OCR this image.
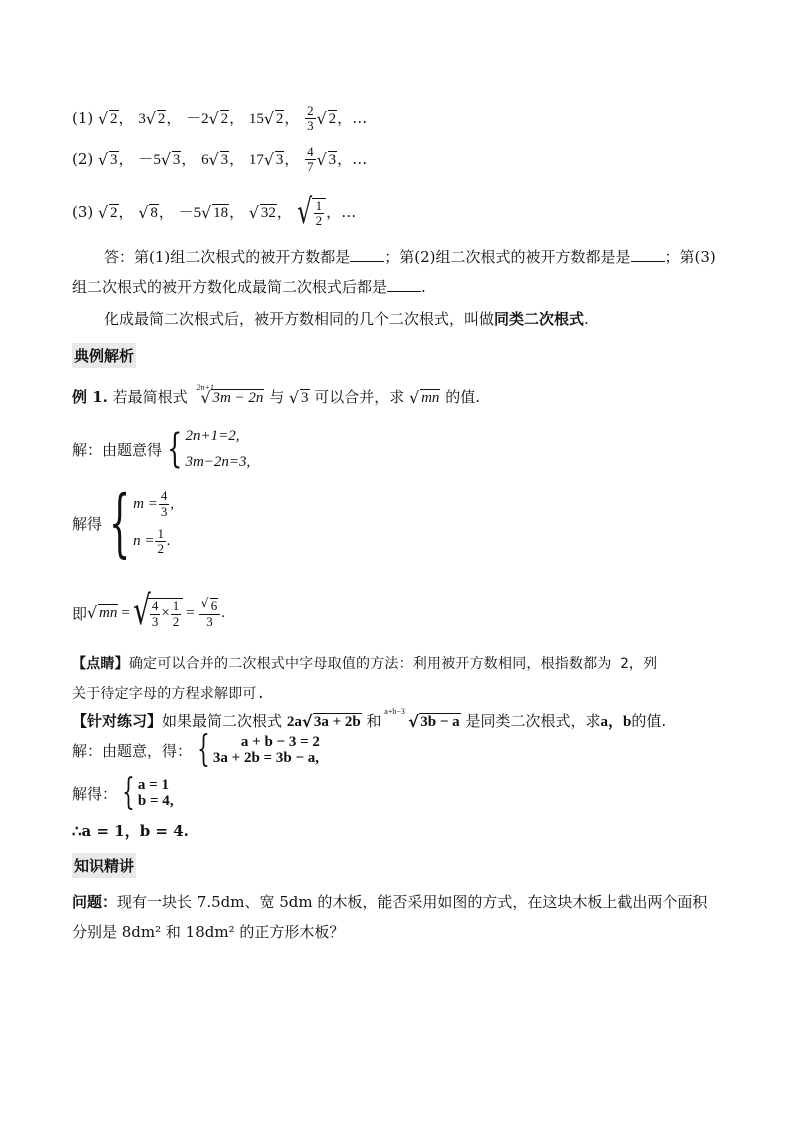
(1) √ 2， 3 √ 2， －2 √ 2， 15 √ 2， $\frac{2}{3}$ √ 2，…
(2) √ 3， －5 √ 3， 6 √ 3， 17 √ 3， $\frac{4}{7}$ √ 3，…
(3) √ 2， √ 8， －5 √ 18， √ 32， √ $\frac{1}{2}$ ，…
答：第(1)组二次根式的被开方数都是 ；第(2)组二次根式的被开方数都是是 ；第(3)
组二次根式的被开方数化成最简二次根式后都是 .
化成最简二次根式后，被开方数相同的几个二次根式，叫做同类二次根式.
典例解析
例 1. 若最简根式
2n+1
√ 3m − 2n 与 √ 3 可以合并，求 √ mn 的值.
解：由题意得 { 2n+1=2,
3m−2n=3,
解得 { $m = \frac{4}{3}$ ,
$n = \frac{1}{2}$ .
即 √ mn = √ $\frac{4}{3} \times \frac{1}{2} = \frac{√ 6}{3}$ .
【点睛】确定可以合并的二次根式中字母取值的方法：利用被开方数相同，根指数都为 2，列
关于待定字母的方程求解即可.
【针对练习】如果最简二次根式 2a √ 3a + 2b 和
a+b−3
√ 3b − a 是同类二次根式，求a，b的值.
解：由题意，得： {	a + b − 3 = 2
3a + 2b = 3b − a,
解得： { a = 1
b = 4,
∴a = 1，b = 4.
知识精讲
问题：现有一块长 7.5dm、宽 5dm 的木板，能否采用如图的方式，在这块木板上截出两个面积
分别是 8dm² 和 18dm² 的正方形木板？
